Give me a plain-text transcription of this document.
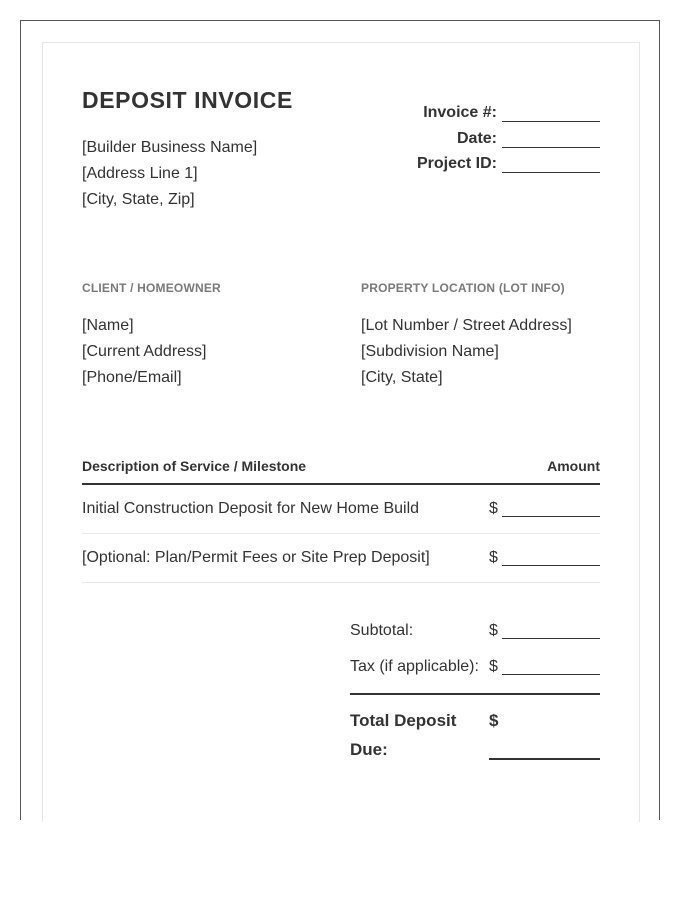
DEPOSIT INVOICE
[Builder Business Name]
[Address Line 1]
[City, State, Zip]
Invoice #:
Date:
Project ID:
CLIENT / HOMEOWNER
[Name]
[Current Address]
[Phone/Email]
PROPERTY LOCATION (LOT INFO)
[Lot Number / Street Address]
[Subdivision Name]
[City, State]
Description of Service / Milestone	Amount
Initial Construction Deposit for New Home Build	$
[Optional: Plan/Permit Fees or Site Prep Deposit]	$
Subtotal:	$
Tax (if applicable): $
Total Deposit
Due:
$
